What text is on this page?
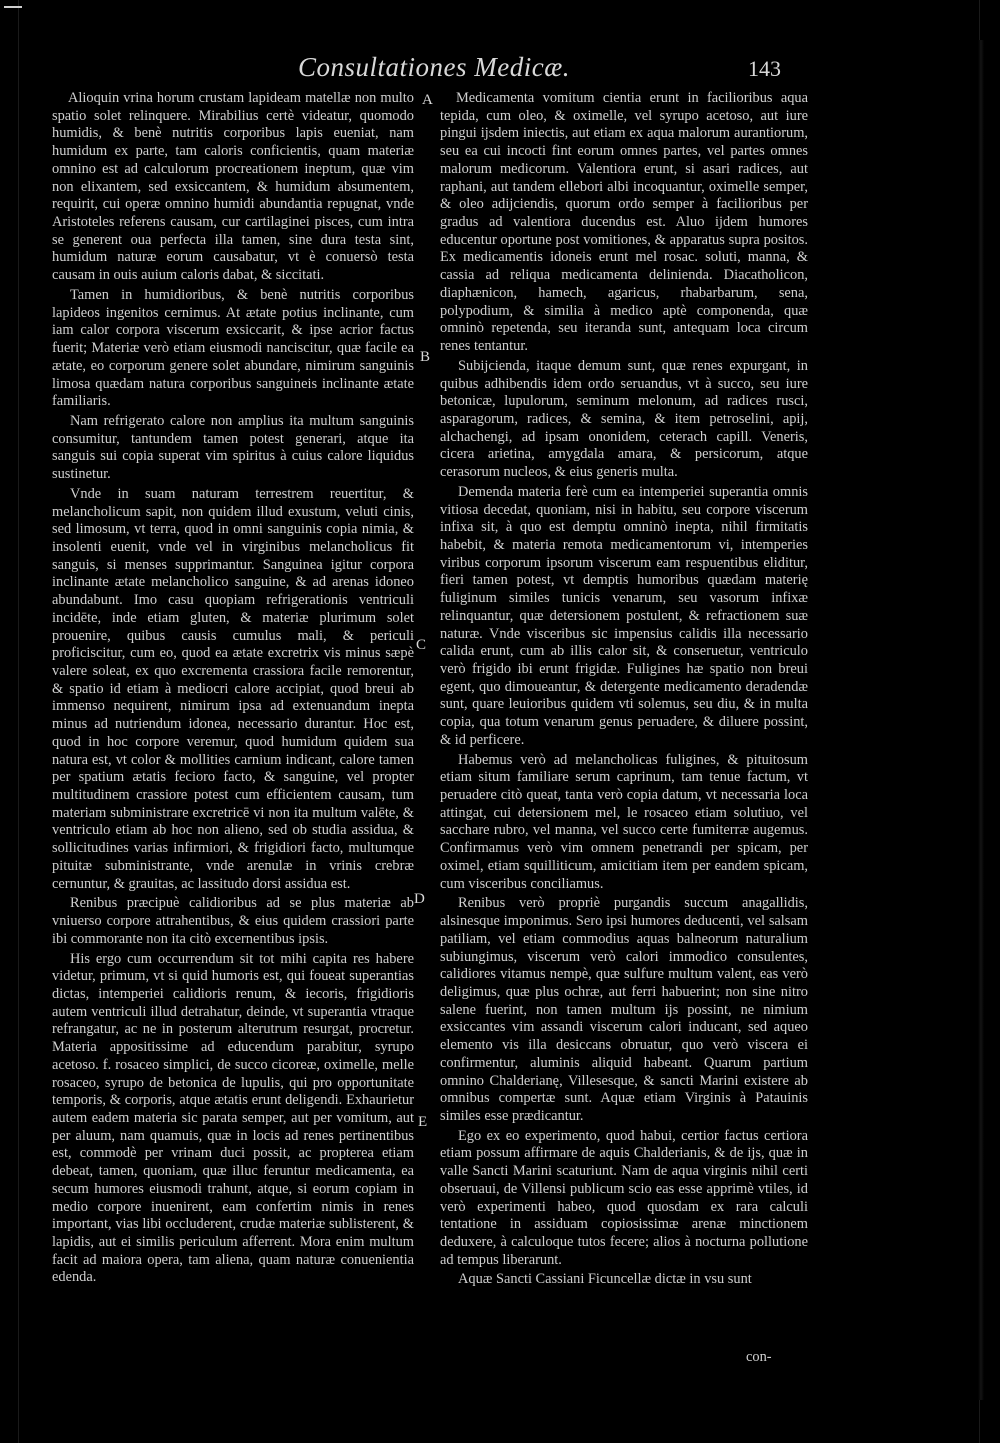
Consultationes Medicæ.	143

Alioquin vrina horum crustam lapideam matellæ non multo spatio solet relinquere. Mirabilius certè videatur, quomodo humidis, & benè nutritis corporibus lapis eueniat, nam humidum ex parte, tam caloris conficientis, quam materiæ omnino est ad calculorum procreationem ineptum, quæ vim non elixantem, sed exsiccantem, & humidum absumentem, requirit, cui operæ omnino humidi abundantia repugnat, vnde Aristoteles referens causam, cur cartilaginei pisces, cum intra se generent oua perfecta illa tamen, sine dura testa sint, humidum naturæ eorum causabatur, vt è conuersò testa causam in ouis auium caloris dabat, & siccitati.

Tamen in humidioribus, & benè nutritis corporibus lapideos ingenitos cernimus. At ætate potius inclinante, cum iam calor corpora viscerum exsiccarit, & ipse acrior factus fuerit; Materiæ verò etiam eiusmodi nanciscitur, quæ facile ea ætate, eo corporum genere solet abundare, nimirum sanguinis limosa quædam natura corporibus sanguineis inclinante ætate familiaris.

Nam refrigerato calore non amplius ita multum sanguinis consumitur, tantundem tamen potest generari, atque ita sanguis sui copia superat vim spiritus à cuius calore liquidus sustinetur.

Vnde in suam naturam terrestrem reuertitur, & melancholicum sapit, non quidem illud exustum, veluti cinis, sed limosum, vt terra, quod in omni sanguinis copia nimia, & insolenti euenit, vnde vel in virginibus melancholicus fit sanguis, si menses supprimantur. Sanguinea igitur corpora inclinante ætate melancholico sanguine, & ad arenas idoneo abundabunt. Imo casu quopiam refrigerationis ventriculi incidēte, inde etiam gluten, & materiæ plurimum solet prouenire, quibus causis cumulus mali, & periculi proficiscitur, cum eo, quod ea ætate excretrix vis minus sæpè valere soleat, ex quo excrementa crassiora facile remorentur, & spatio id etiam à mediocri calore accipiat, quod breui ab immenso nequirent, nimirum ipsa ad extenuandum inepta minus ad nutriendum idonea, necessario durantur. Hoc est, quod in hoc corpore veremur, quod humidum quidem sua natura est, vt color & mollities carnium indicant, calore tamen per spatium ætatis fecioro facto, & sanguine, vel propter multitudinem crassiore potest cum efficientem causam, tum materiam subministrare excretricē vi non ita multum valēte, & ventriculo etiam ab hoc non alieno, sed ob studia assidua, & sollicitudines varias infirmiori, & frigidiori facto, multumque pituitæ subministrante, vnde arenulæ in vrinis crebræ cernuntur, & grauitas, ac lassitudo dorsi assidua est.

Renibus præcipuè calidioribus ad se plus materiæ ab vniuerso corpore attrahentibus, & eius quidem crassiori parte ibi commorante non ita citò excernentibus ipsis.

His ergo cum occurrendum sit tot mihi capita res habere videtur, primum, vt si quid humoris est, qui foueat superantias dictas, intemperiei calidioris renum, & iecoris, frigidioris autem ventriculi illud detrahatur, deinde, vt superantia vtraque refrangatur, ac ne in posterum alterutrum resurgat, procretur. Materia appositissime ad educendum parabitur, syrupo acetoso. f. rosaceo simplici, de succo cicoreæ, oximelle, melle rosaceo, syrupo de betonica de lupulis, qui pro opportunitate temporis, & corporis, atque ætatis erunt deligendi. Exhaurietur autem eadem materia sic parata semper, aut per vomitum, aut per aluum, nam quamuis, quæ in locis ad renes pertinentibus est, commodè per vrinam duci possit, ac propterea etiam debeat, tamen, quoniam, quæ illuc feruntur medicamenta, ea secum humores eiusmodi trahunt, atque, si eorum copiam in medio corpore inuenirent, eam confertim nimis in renes important, vias libi occluderent, crudæ materiæ sublisterent, & lapidis, aut ei similis periculum afferrent. Mora enim multum facit ad maiora opera, tam aliena, quam naturæ conuenientia edenda.

Medicamenta vomitum cientia erunt in facilioribus aqua tepida, cum oleo, & oximelle, vel syrupo acetoso, aut iure pingui ijsdem iniectis, aut etiam ex aqua malorum aurantiorum, seu ea cui incocti fint eorum omnes partes, vel partes omnes malorum medicorum. Valentiora erunt, si asari radices, aut raphani, aut tandem ellebori albi incoquantur, oximelle semper, & oleo adijciendis, quorum ordo semper à facilioribus per gradus ad valentiora ducendus est. Aluo ijdem humores educentur oportune post vomitiones, & apparatus supra positos. Ex medicamentis idoneis erunt mel rosac. soluti, manna, & cassia ad reliqua medicamenta delinienda. Diacatholicon, diaphænicon, hamech, agaricus, rhabarbarum, sena, polypodium, & similia à medico aptè componenda, quæ omninò repetenda, seu iteranda sunt, antequam loca circum renes tentantur.

Subijcienda, itaque demum sunt, quæ renes expurgant, in quibus adhibendis idem ordo seruandus, vt à succo, seu iure betonicæ, lupulorum, seminum melonum, ad radices rusci, asparagorum, radices, & semina, & item petroselini, apij, alchachengi, ad ipsam ononidem, ceterach capill. Veneris, cicera arietina, amygdala amara, & persicorum, atque cerasorum nucleos, & eius generis multa.

Demenda materia ferè cum ea intemperiei superantia omnis vitiosa decedat, quoniam, nisi in habitu, seu corpore viscerum infixa sit, à quo est demptu omninò inepta, nihil firmitatis habebit, & materia remota medicamentorum vi, intemperies viribus corporum ipsorum viscerum eam respuentibus eliditur, fieri tamen potest, vt demptis humoribus quædam materię fuliginum similes tunicis venarum, seu vasorum infixæ relinquantur, quæ detersionem postulent, & refractionem suæ naturæ. Vnde visceribus sic impensius calidis illa necessario calida erunt, cum ab illis calor sit, & conseruetur, ventriculo verò frigido ibi erunt frigidæ. Fuligines hæ spatio non breui egent, quo dimoueantur, & detergente medicamento deradendæ sunt, quare leuioribus quidem vti solemus, seu diu, & in multa copia, qua totum venarum genus peruadere, & diluere possint, & id perficere.

Habemus verò ad melancholicas fuligines, & pituitosum etiam situm familiare serum caprinum, tam tenue factum, vt peruadere citò queat, tanta verò copia datum, vt necessaria loca attingat, cui detersionem mel, le rosaceo etiam solutiuo, vel sacchare rubro, vel manna, vel succo certe fumiterræ augemus. Confirmamus verò vim omnem penetrandi per spicam, per oximel, etiam squilliticum, amicitiam item per eandem spicam, cum visceribus conciliamus.

Renibus verò propriè purgandis succum anagallidis, alsinesque imponimus. Sero ipsi humores deducenti, vel salsam patiliam, vel etiam commodius aquas balneorum naturalium subiungimus, viscerum verò calori immodico consulentes, calidiores vitamus nempè, quæ sulfure multum valent, eas verò deligimus, quæ plus ochræ, aut ferri habuerint; non sine nitro salene fuerint, non tamen multum ijs possint, ne nimium exsiccantes vim assandi viscerum calori inducant, sed aqueo elemento vis illa desiccans obruatur, quo verò viscera ei confirmentur, aluminis aliquid habeant. Quarum partium omnino Chalderianę, Villesesque, & sancti Marini existere ab omnibus compertæ sunt. Aquæ etiam Virginis à Patauinis similes esse prædicantur.

Ego ex eo experimento, quod habui, certior factus certiora etiam possum affirmare de aquis Chalderianis, & de ijs, quæ in valle Sancti Marini scaturiunt. Nam de aqua virginis nihil certi obseruaui, de Villensi publicum scio eas esse apprimè vtiles, id verò experimenti habeo, quod quosdam ex rara calculi tentatione in assiduam copiosissimæ arenæ minctionem deduxere, à calculoque tutos fecere; alios à nocturna pollutione ad tempus liberarunt.

Aquæ Sancti Cassiani Ficuncellæ dictæ in vsu sunt

A
B
C
D
E
con-
